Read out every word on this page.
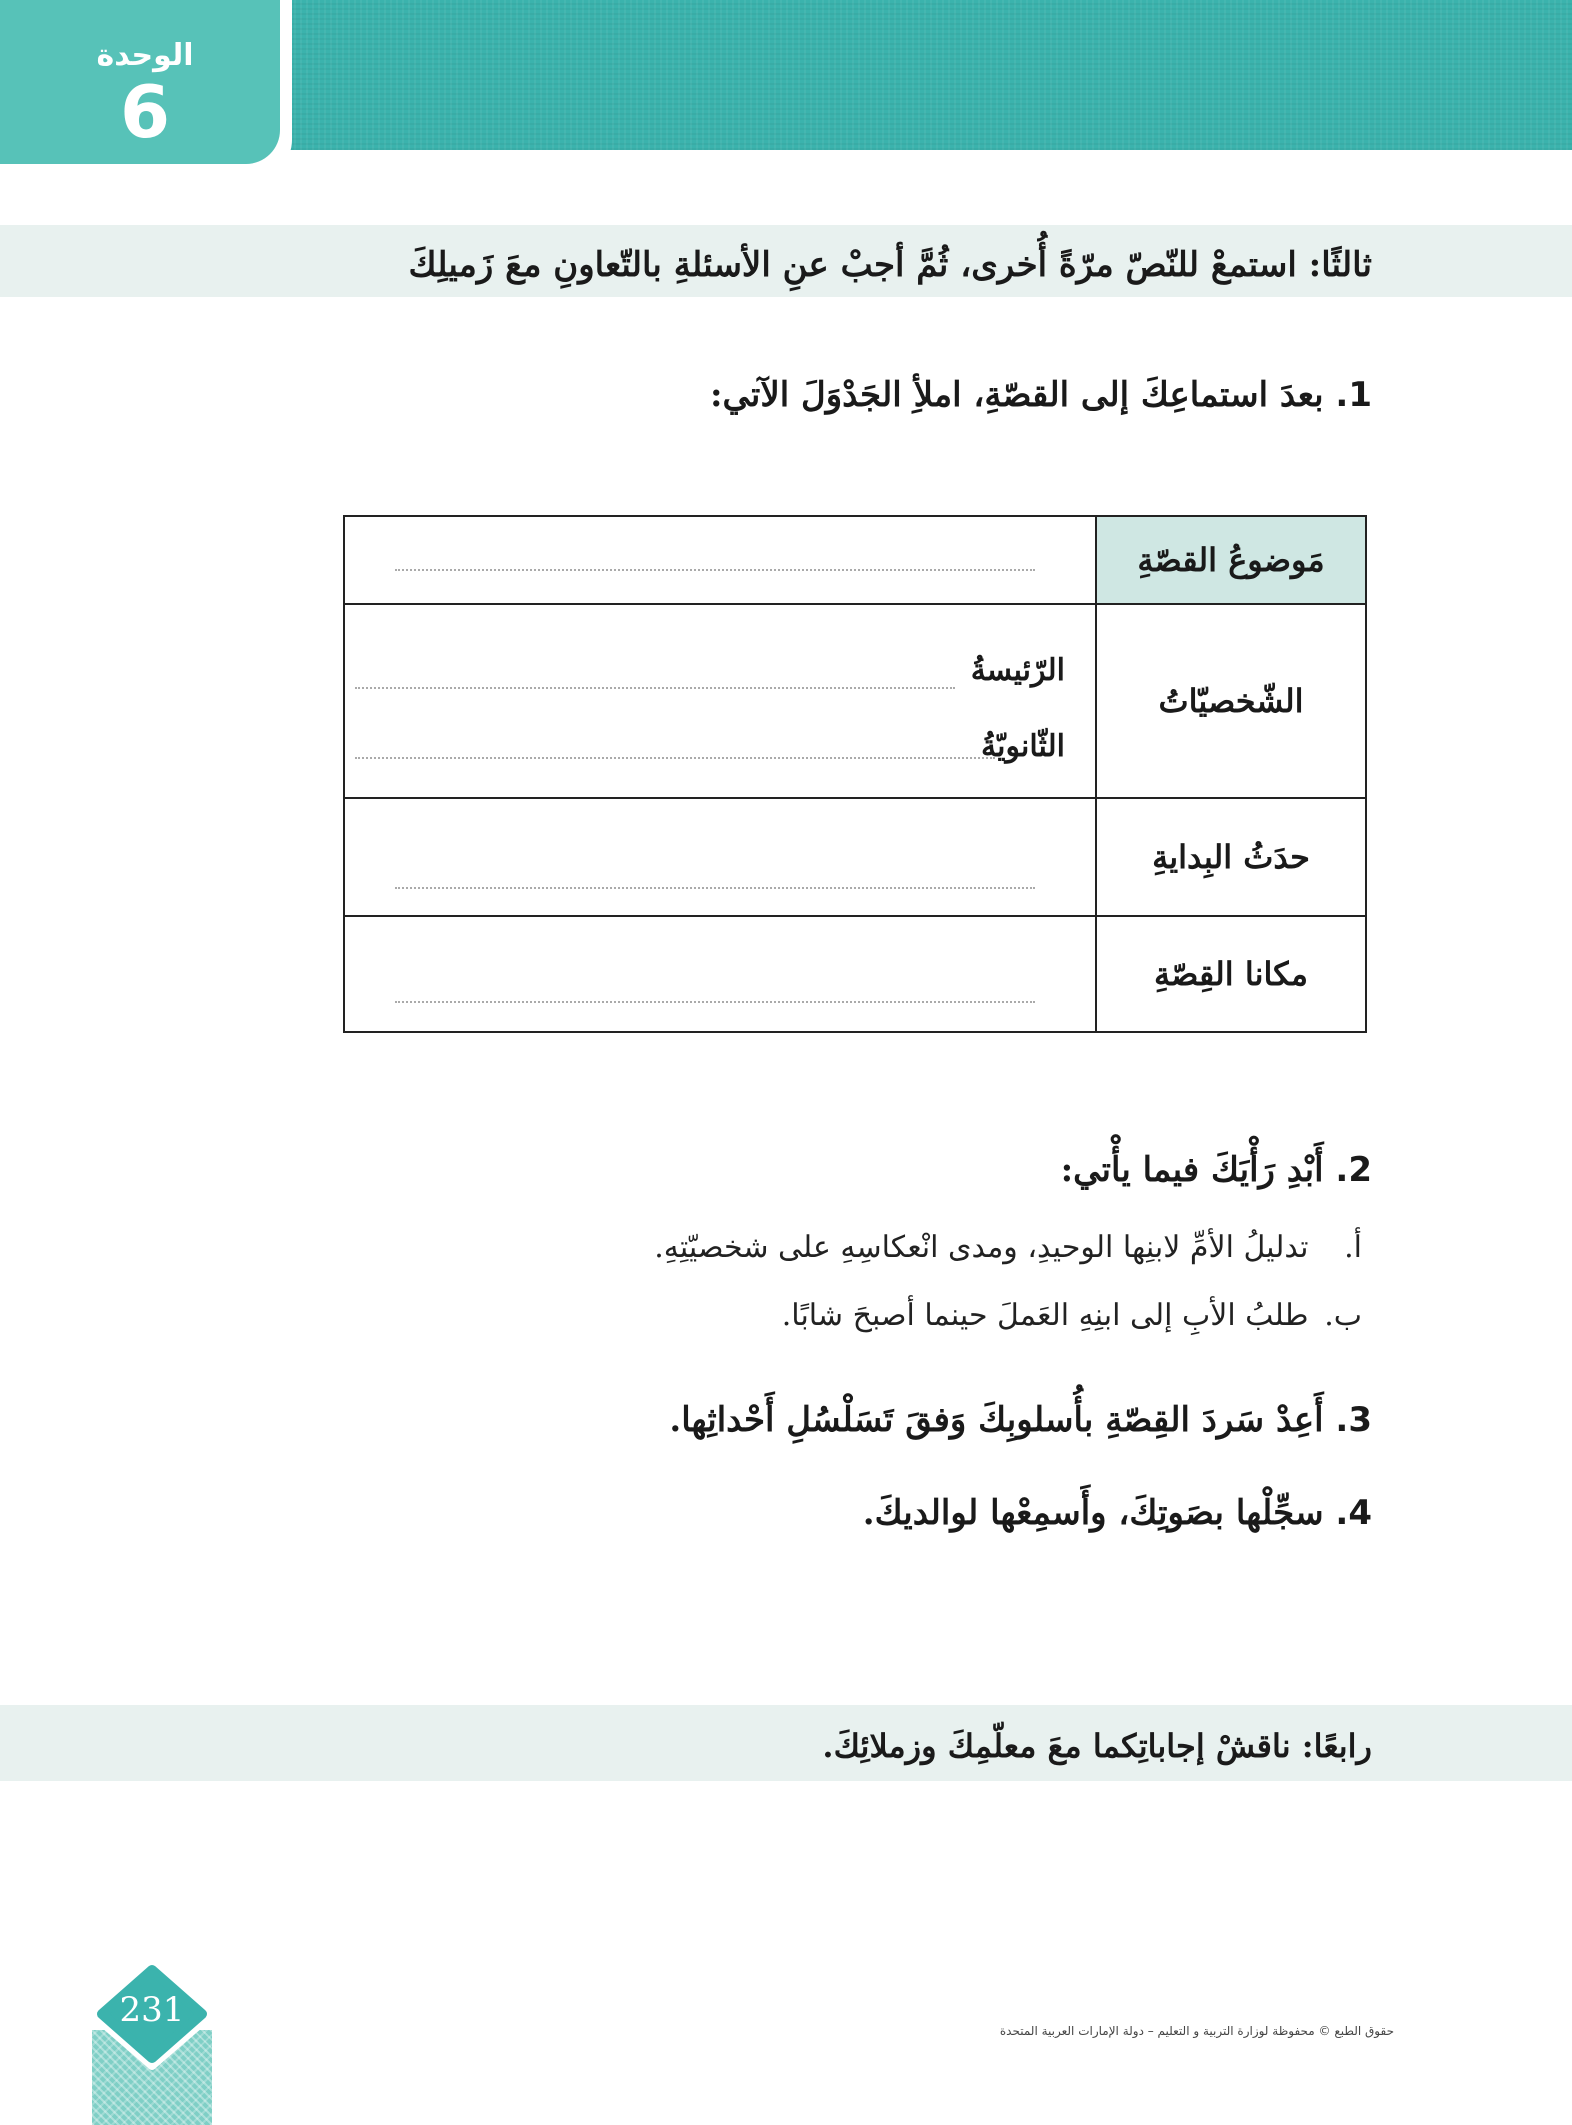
الوحدة
6
ثالثًا: استمعْ للنّصّ مرّةً أُخرى، ثُمَّ أجبْ عنِ الأسئلةِ بالتّعاونِ معَ زَميلِكَ
1. بعدَ استماعِكَ إلى القصّةِ، املأِ الجَدْوَلَ الآتي:
مَوضوعُ القصّةِ
الشّخصيّاتُ
الرّئيسةُ
الثّانويّةُ
حدَثُ البِدايةِ
مكانا القِصّةِ
2. أَبْدِ رَأْيَكَ فيما يأْتي:
أ. تدليلُ الأمِّ لابنِها الوحيدِ، ومدى انْعكاسِهِ على شخصيّتِهِ.
ب. طلبُ الأبِ إلى ابنِهِ العَملَ حينما أصبحَ شابًا.
3. أَعِدْ سَردَ القِصّةِ بأُسلوبِكَ وَفقَ تَسَلْسُلِ أَحْداثِها.
4. سجِّلْها بصَوتِكَ، وأَسمِعْها لوالديكَ.
رابعًا: ناقشْ إجاباتِكما معَ معلّمِكَ وزملائِكَ.
231
حقوق الطبع © محفوظة لوزارة التربية و التعليم – دولة الإمارات العربية المتحدة
